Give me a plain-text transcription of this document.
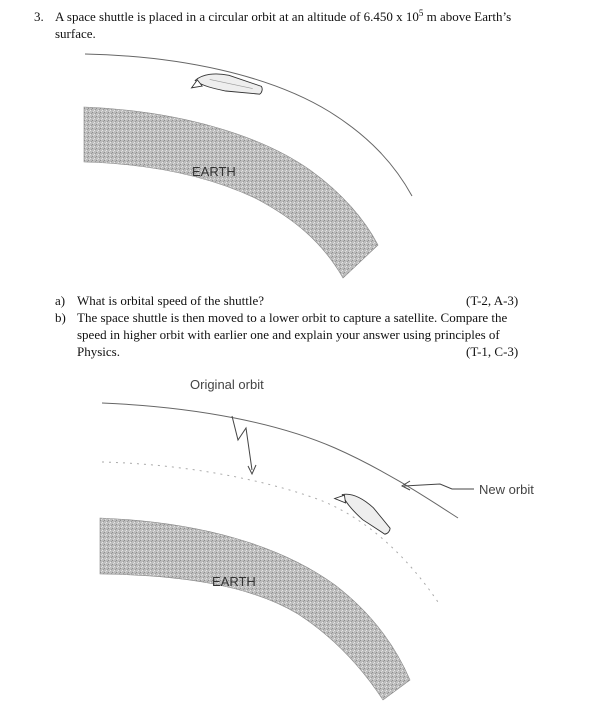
3. A space shuttle is placed in a circular orbit at an altitude of 6.450 x $10^5$ m above Earth’s
surface.
EARTH
Original orbit
New orbit
EARTH
a) What is orbital speed of the shuttle?	(T-2, A-3)
b) The space shuttle is then moved to a lower orbit to capture a satellite. Compare the
speed in higher orbit with earlier one and explain your answer using principles of
Physics.	(T-1, C-3)
